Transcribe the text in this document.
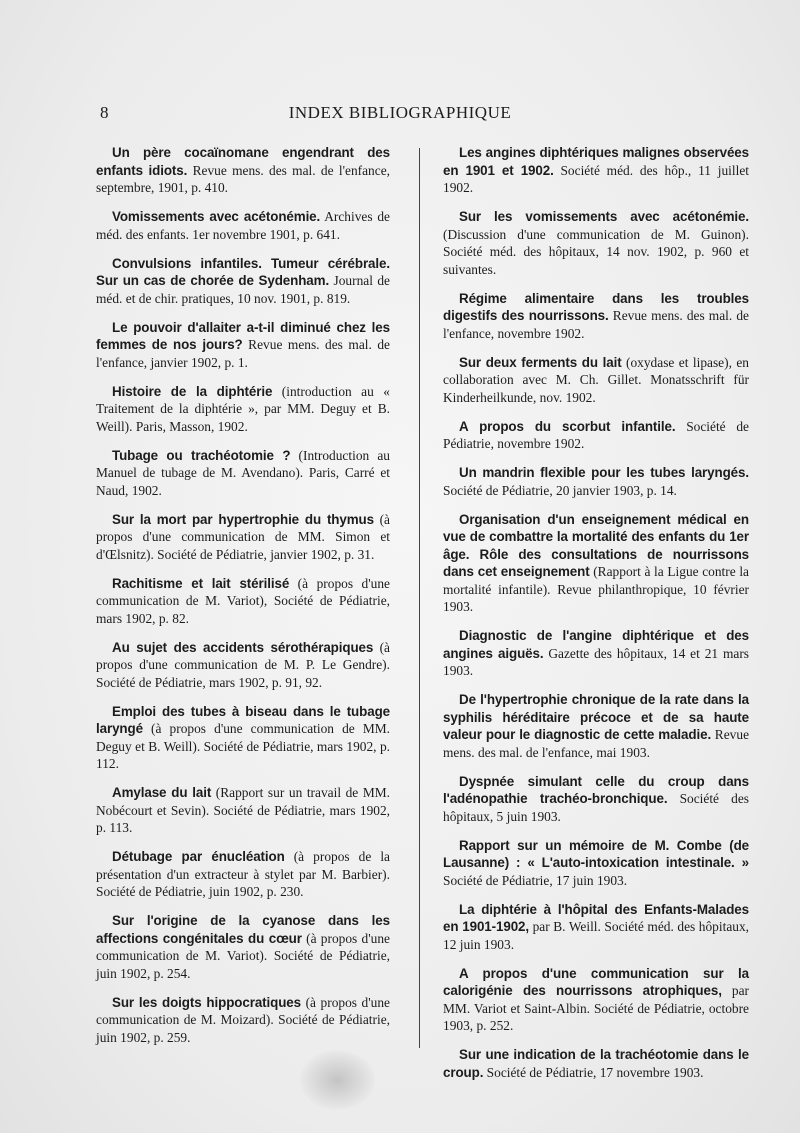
8	INDEX BIBLIOGRAPHIQUE

Un père cocaïnomane engendrant des enfants idiots. Revue mens. des mal. de l'enfance, septembre, 1901, p. 410.

Vomissements avec acétonémie. Archives de méd. des enfants. 1er novembre 1901, p. 641.

Convulsions infantiles. Tumeur cérébrale. Sur un cas de chorée de Sydenham. Journal de méd. et de chir. pratiques, 10 nov. 1901, p. 819.

Le pouvoir d'allaiter a-t-il diminué chez les femmes de nos jours? Revue mens. des mal. de l'enfance, janvier 1902, p. 1.

Histoire de la diphtérie (introduction au « Traitement de la diphtérie », par MM. Deguy et B. Weill). Paris, Masson, 1902.

Tubage ou trachéotomie ? (Introduction au Manuel de tubage de M. Avendano). Paris, Carré et Naud, 1902.

Sur la mort par hypertrophie du thymus (à propos d'une communication de MM. Simon et d'Œlsnitz). Société de Pédiatrie, janvier 1902, p. 31.

Rachitisme et lait stérilisé (à propos d'une communication de M. Variot), Société de Pédiatrie, mars 1902, p. 82.

Au sujet des accidents sérothérapiques (à propos d'une communication de M. P. Le Gendre). Société de Pédiatrie, mars 1902, p. 91, 92.

Emploi des tubes à biseau dans le tubage laryngé (à propos d'une communication de MM. Deguy et B. Weill). Société de Pédiatrie, mars 1902, p. 112.

Amylase du lait (Rapport sur un travail de MM. Nobécourt et Sevin). Société de Pédiatrie, mars 1902, p. 113.

Détubage par énucléation (à propos de la présentation d'un extracteur à stylet par M. Barbier). Société de Pédiatrie, juin 1902, p. 230.

Sur l'origine de la cyanose dans les affections congénitales du cœur (à propos d'une communication de M. Variot). Société de Pédiatrie, juin 1902, p. 254.

Sur les doigts hippocratiques (à propos d'une communication de M. Moizard). Société de Pédiatrie, juin 1902, p. 259.

Les angines diphtériques malignes observées en 1901 et 1902. Société méd. des hôp., 11 juillet 1902.

Sur les vomissements avec acétonémie. (Discussion d'une communication de M. Guinon). Société méd. des hôpitaux, 14 nov. 1902, p. 960 et suivantes.

Régime alimentaire dans les troubles digestifs des nourrissons. Revue mens. des mal. de l'enfance, novembre 1902.

Sur deux ferments du lait (oxydase et lipase), en collaboration avec M. Ch. Gillet. Monatsschrift für Kinderheilkunde, nov. 1902.

A propos du scorbut infantile. Société de Pédiatrie, novembre 1902.

Un mandrin flexible pour les tubes laryngés. Société de Pédiatrie, 20 janvier 1903, p. 14.

Organisation d'un enseignement médical en vue de combattre la mortalité des enfants du 1er âge. Rôle des consultations de nourrissons dans cet enseignement (Rapport à la Ligue contre la mortalité infantile). Revue philanthropique, 10 février 1903.

Diagnostic de l'angine diphtérique et des angines aiguës. Gazette des hôpitaux, 14 et 21 mars 1903.

De l'hypertrophie chronique de la rate dans la syphilis héréditaire précoce et de sa haute valeur pour le diagnostic de cette maladie. Revue mens. des mal. de l'enfance, mai 1903.

Dyspnée simulant celle du croup dans l'adénopathie trachéo-bronchique. Société des hôpitaux, 5 juin 1903.

Rapport sur un mémoire de M. Combe (de Lausanne) : « L'auto-intoxication intestinale. » Société de Pédiatrie, 17 juin 1903.

La diphtérie à l'hôpital des Enfants-Malades en 1901-1902, par B. Weill. Société méd. des hôpitaux, 12 juin 1903.

A propos d'une communication sur la calorigénie des nourrissons atrophiques, par MM. Variot et Saint-Albin. Société de Pédiatrie, octobre 1903, p. 252.

Sur une indication de la trachéotomie dans le croup. Société de Pédiatrie, 17 novembre 1903.
